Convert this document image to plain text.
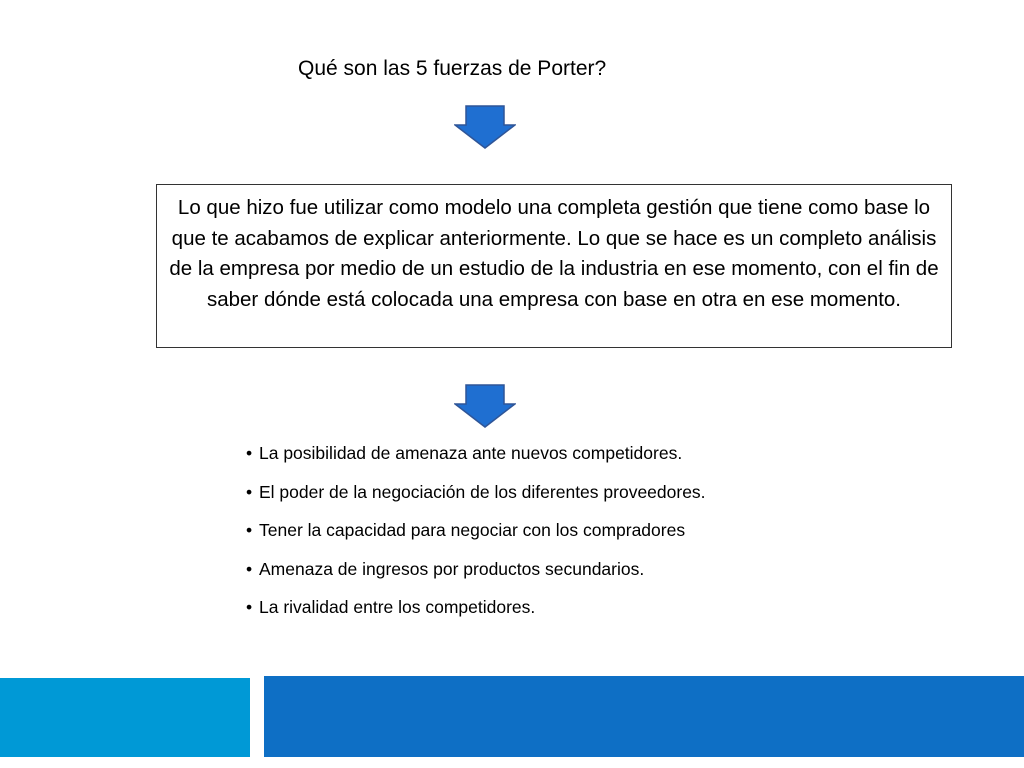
Qué son las 5 fuerzas de Porter?
Lo que hizo fue utilizar como modelo una completa gestión que tiene como base lo que te acabamos de explicar anteriormente. Lo que se hace es un completo análisis de la empresa por medio de un estudio de la industria en ese momento, con el fin de saber dónde está colocada una empresa con base en otra en ese momento.
• La posibilidad de amenaza ante nuevos competidores.
• El poder de la negociación de los diferentes proveedores.
• Tener la capacidad para negociar con los compradores
• Amenaza de ingresos por productos secundarios.
• La rivalidad entre los competidores.
